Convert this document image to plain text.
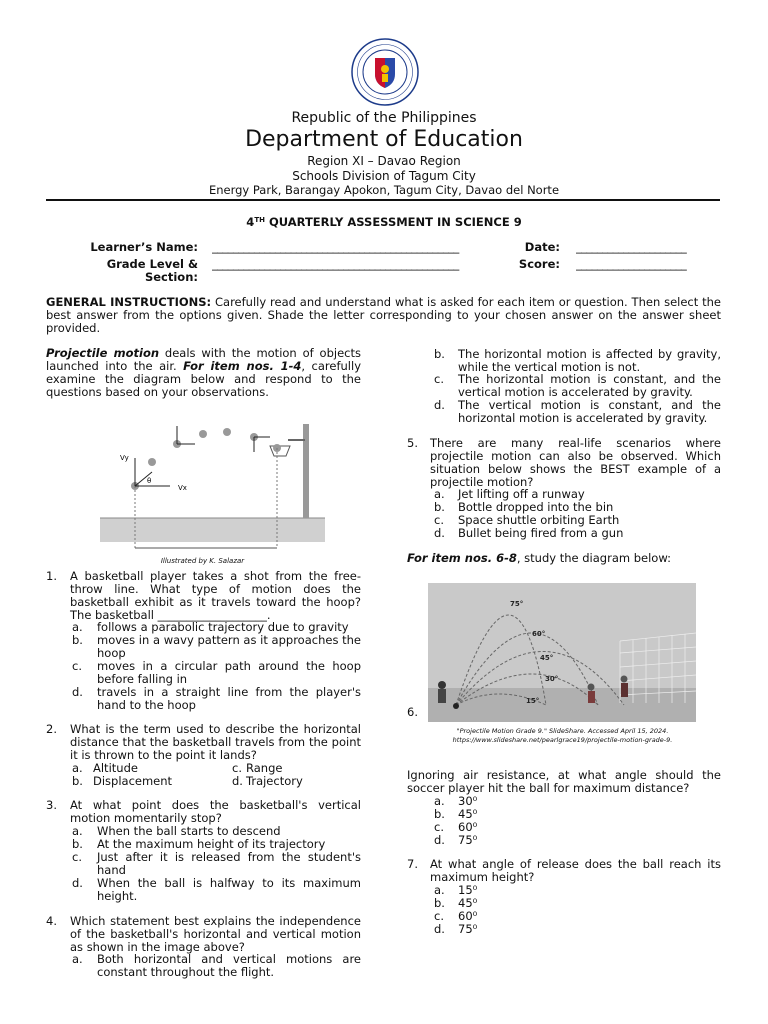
Republic of the Philippines
Department of Education
Region XI – Davao Region
Schools Division of Tagum City
Energy Park, Barangay Apokon, Tagum City, Davao del Norte
4TH QUARTERLY ASSESSMENT IN SCIENCE 9
Learner’s Name: _______________________________________________	Date: _____________________
Grade Level &
Section:
_______________________________________________	Score: _____________________
GENERAL INSTRUCTIONS: Carefully read and understand what is asked for each item or question. Then select the best answer from the options given. Shade the letter corresponding to your chosen answer on the answer sheet provided.
Projectile motion deals with the motion of objects launched into the air. For item nos. 1-4, carefully examine the diagram below and respond to the questions based on your observations.
Vy
Vx
θ
Illustrated by K. Salazar
1.	A basketball player takes a shot from the free-throw line. What type of motion does the basketball exhibit as it travels toward the hoop? The basketball ___________________.
a.	follows a parabolic trajectory due to gravity
b.	moves in a wavy pattern as it approaches the hoop
c.	moves in a circular path around the hoop before falling in
d.	travels in a straight line from the player's hand to the hoop
2.	What is the term used to describe the horizontal distance that the basketball travels from the point it is thrown to the point it lands?
a. Altitude	c. Range
b. Displacement	d. Trajectory
3.	At what point does the basketball's vertical motion momentarily stop?
a.	When the ball starts to descend
b.	At the maximum height of its trajectory
c.	Just after it is released from the student's hand
d.	When the ball is halfway to its maximum height.
4.	Which statement best explains the independence of the basketball's horizontal and vertical motion as shown in the image above?
a.	Both horizontal and vertical motions are constant throughout the flight.
b.	The horizontal motion is affected by gravity, while the vertical motion is not.
c.	The horizontal motion is constant, and the vertical motion is accelerated by gravity.
d.	The vertical motion is constant, and the horizontal motion is accelerated by gravity.
5.	There are many real-life scenarios where projectile motion can also be observed. Which situation below shows the BEST example of a projectile motion?
a.	Jet lifting off a runway
b.	Bottle dropped into the bin
c.	Space shuttle orbiting Earth
d.	Bullet being fired from a gun
For item nos. 6-8, study the diagram below:
75°
60°
45°
30°
15°
6.
"Projectile Motion Grade 9." SlideShare. Accessed April 15, 2024.
https://www.slideshare.net/pearlgrace19/projectile-motion-grade-9.
Ignoring air resistance, at what angle should the soccer player hit the ball for maximum distance?
a.	30⁰
b.	45⁰
c.	60⁰
d.	75⁰
7.	At what angle of release does the ball reach its maximum height?
a.	15⁰
b.	45⁰
c.	60⁰
d.	75⁰
